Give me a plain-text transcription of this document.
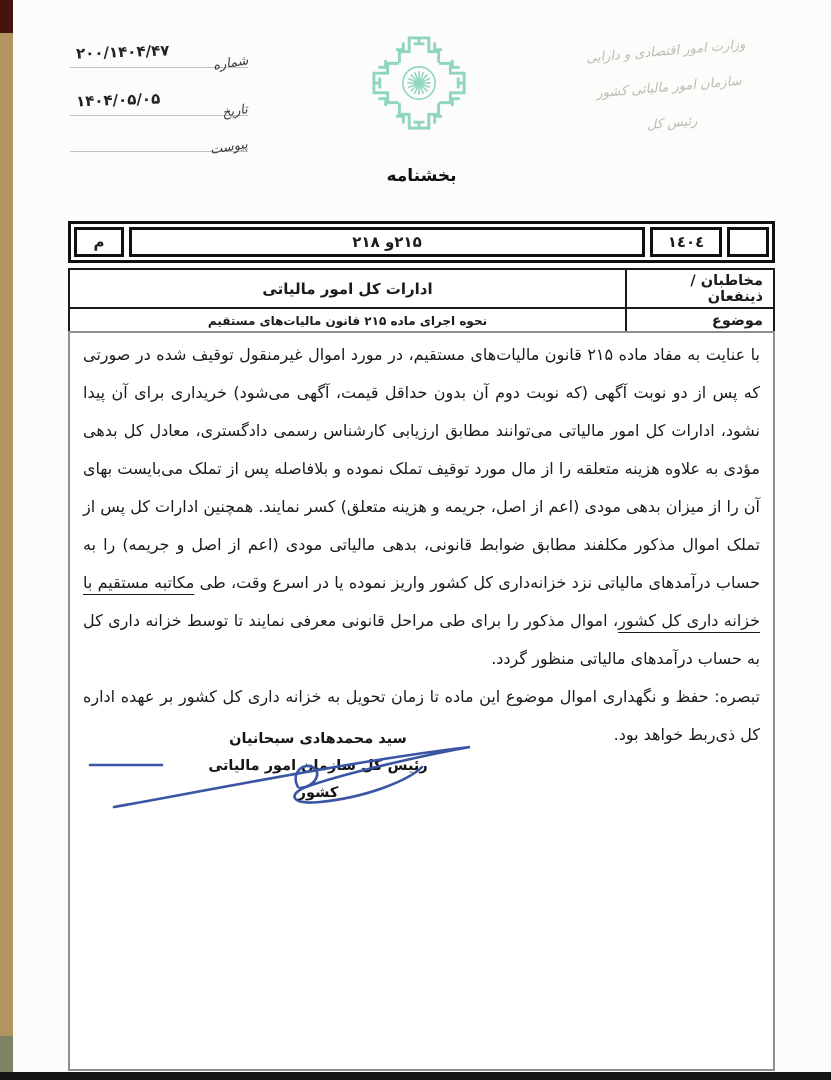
۲۰۰/۱۴۰۴/۴۷
شماره
۱۴۰۴/۰۵/۰۵
تاریخ
پیوست
وزارت امور اقتصادی و دارایی
سازمان امور مالیاتی کشور
رئیس کل
بخشنامه
۱٤۰٤
۲۱۵و ۲۱۸
م
مخاطبان / ذینفعان
ادارات کل امور مالیاتی
موضوع
نحوه اجرای ماده ۲۱۵ قانون مالیات‌های مستقیم

با عنایت به مفاد ماده ۲۱۵ قانون مالیات‌های مستقیم، در مورد اموال غیرمنقول توقیف شده در صورتی که پس از دو نوبت آگهی (که نوبت دوم آن بدون حداقل قیمت، آگهی می‌شود) خریداری برای آن پیدا نشود، ادارات کل امور مالیاتی می‌توانند مطابق ارزیابی کارشناس رسمی دادگستری، معادل کل بدهی مؤدی به علاوه هزینه متعلقه را از مال مورد توقیف تملک نموده و بلافاصله پس از تملک می‌بایست بهای آن را از میزان بدهی مودی (اعم از اصل، جریمه و هزینه متعلق) کسر نمایند. همچنین ادارات کل پس از تملک اموال مذکور مکلفند مطابق ضوابط قانونی، بدهی مالیاتی مودی (اعم از اصل و جریمه) را به حساب درآمدهای مالیاتی نزد خزانه‌داری کل کشور واریز نموده یا در اسرع وقت، طی مکاتبه مستقیم با خزانه داری کل کشور، اموال مذکور را برای طی مراحل قانونی معرفی نمایند تا توسط خزانه داری کل به حساب درآمدهای مالیاتی منظور گردد.

تبصره: حفظ و نگهداری اموال موضوع این ماده تا زمان تحویل به خزانه داری کل کشور بر عهده اداره کل ذی‌ربط خواهد بود.

سید محمدهادی سبحانیان
رئیس کل سازمان امور مالیاتی کشور
